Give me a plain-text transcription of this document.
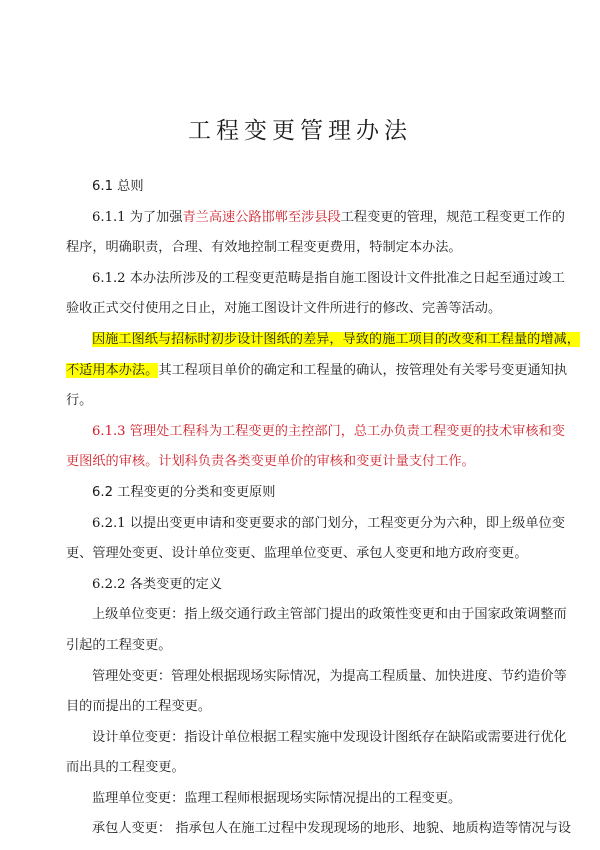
工程变更管理办法
6.1 总则
6.1.1 为了加强青兰高速公路邯郸至涉县段工程变更的管理，规范工程变更工作的
程序，明确职责，合理、有效地控制工程变更费用，特制定本办法。
6.1.2 本办法所涉及的工程变更范畴是指自施工图设计文件批准之日起至通过竣工
验收正式交付使用之日止，对施工图设计文件所进行的修改、完善等活动。
因施工图纸与招标时初步设计图纸的差异，导致的施工项目的改变和工程量的增减，
不适用本办法。其工程项目单价的确定和工程量的确认，按管理处有关零号变更通知执
行。
6.1.3 管理处工程科为工程变更的主控部门，总工办负责工程变更的技术审核和变
更图纸的审核。计划科负责各类变更单价的审核和变更计量支付工作。
6.2 工程变更的分类和变更原则
6.2.1 以提出变更申请和变更要求的部门划分，工程变更分为六种，即上级单位变
更、管理处变更、设计单位变更、监理单位变更、承包人变更和地方政府变更。
6.2.2 各类变更的定义
上级单位变更：指上级交通行政主管部门提出的政策性变更和由于国家政策调整而
引起的工程变更。
管理处变更：管理处根据现场实际情况，为提高工程质量、加快进度、节约造价等
目的而提出的工程变更。
设计单位变更：指设计单位根据工程实施中发现设计图纸存在缺陷或需要进行优化
而出具的工程变更。
监理单位变更：监理工程师根据现场实际情况提出的工程变更。
承包人变更： 指承包人在施工过程中发现现场的地形、地貌、地质构造等情况与设
